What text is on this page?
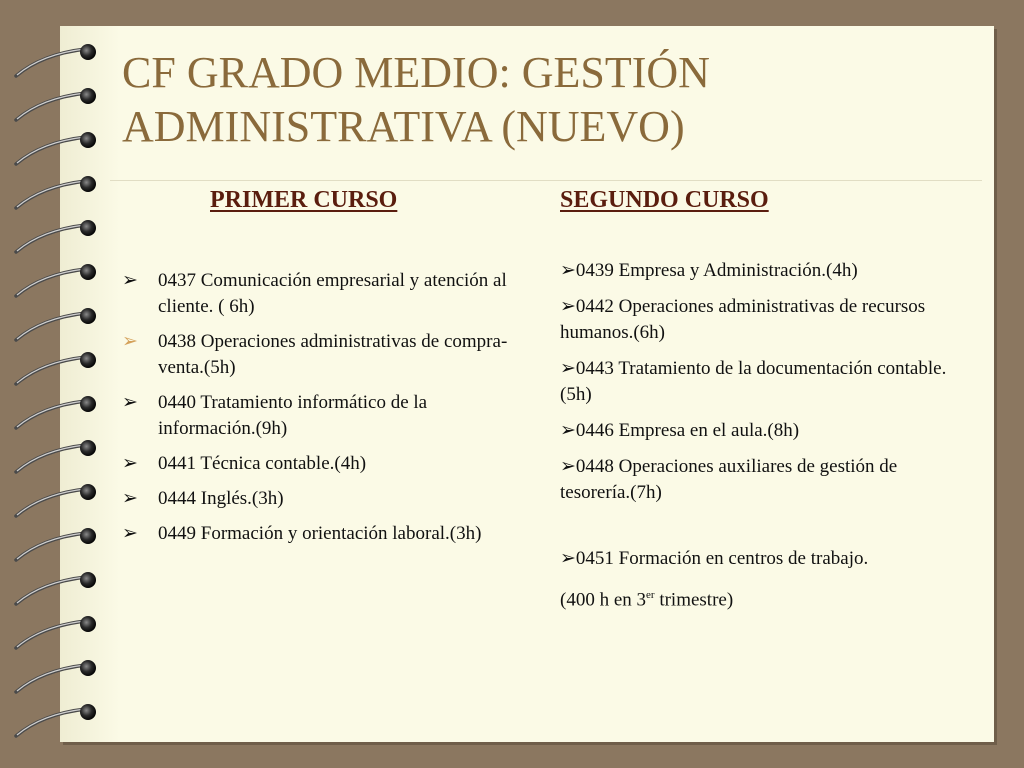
CF GRADO MEDIO: GESTIÓN ADMINISTRATIVA (NUEVO)
PRIMER CURSO	SEGUNDO CURSO
➢ 0437 Comunicación empresarial y atención al cliente. ( 6h)
➢ 0438 Operaciones administrativas de compra-venta.(5h)
➢ 0440 Tratamiento informático de la información.(9h)
➢ 0441 Técnica contable.(4h)
➢ 0444 Inglés.(3h)
➢ 0449 Formación y orientación laboral.(3h)
➢0439 Empresa y Administración.(4h)
➢0442 Operaciones administrativas de recursos humanos.(6h)
➢0443 Tratamiento de la documentación contable.(5h)
➢0446 Empresa en el aula.(8h)
➢0448 Operaciones auxiliares de gestión de tesorería.(7h)
➢0451 Formación en centros de trabajo.
(400 h en 3er trimestre)
